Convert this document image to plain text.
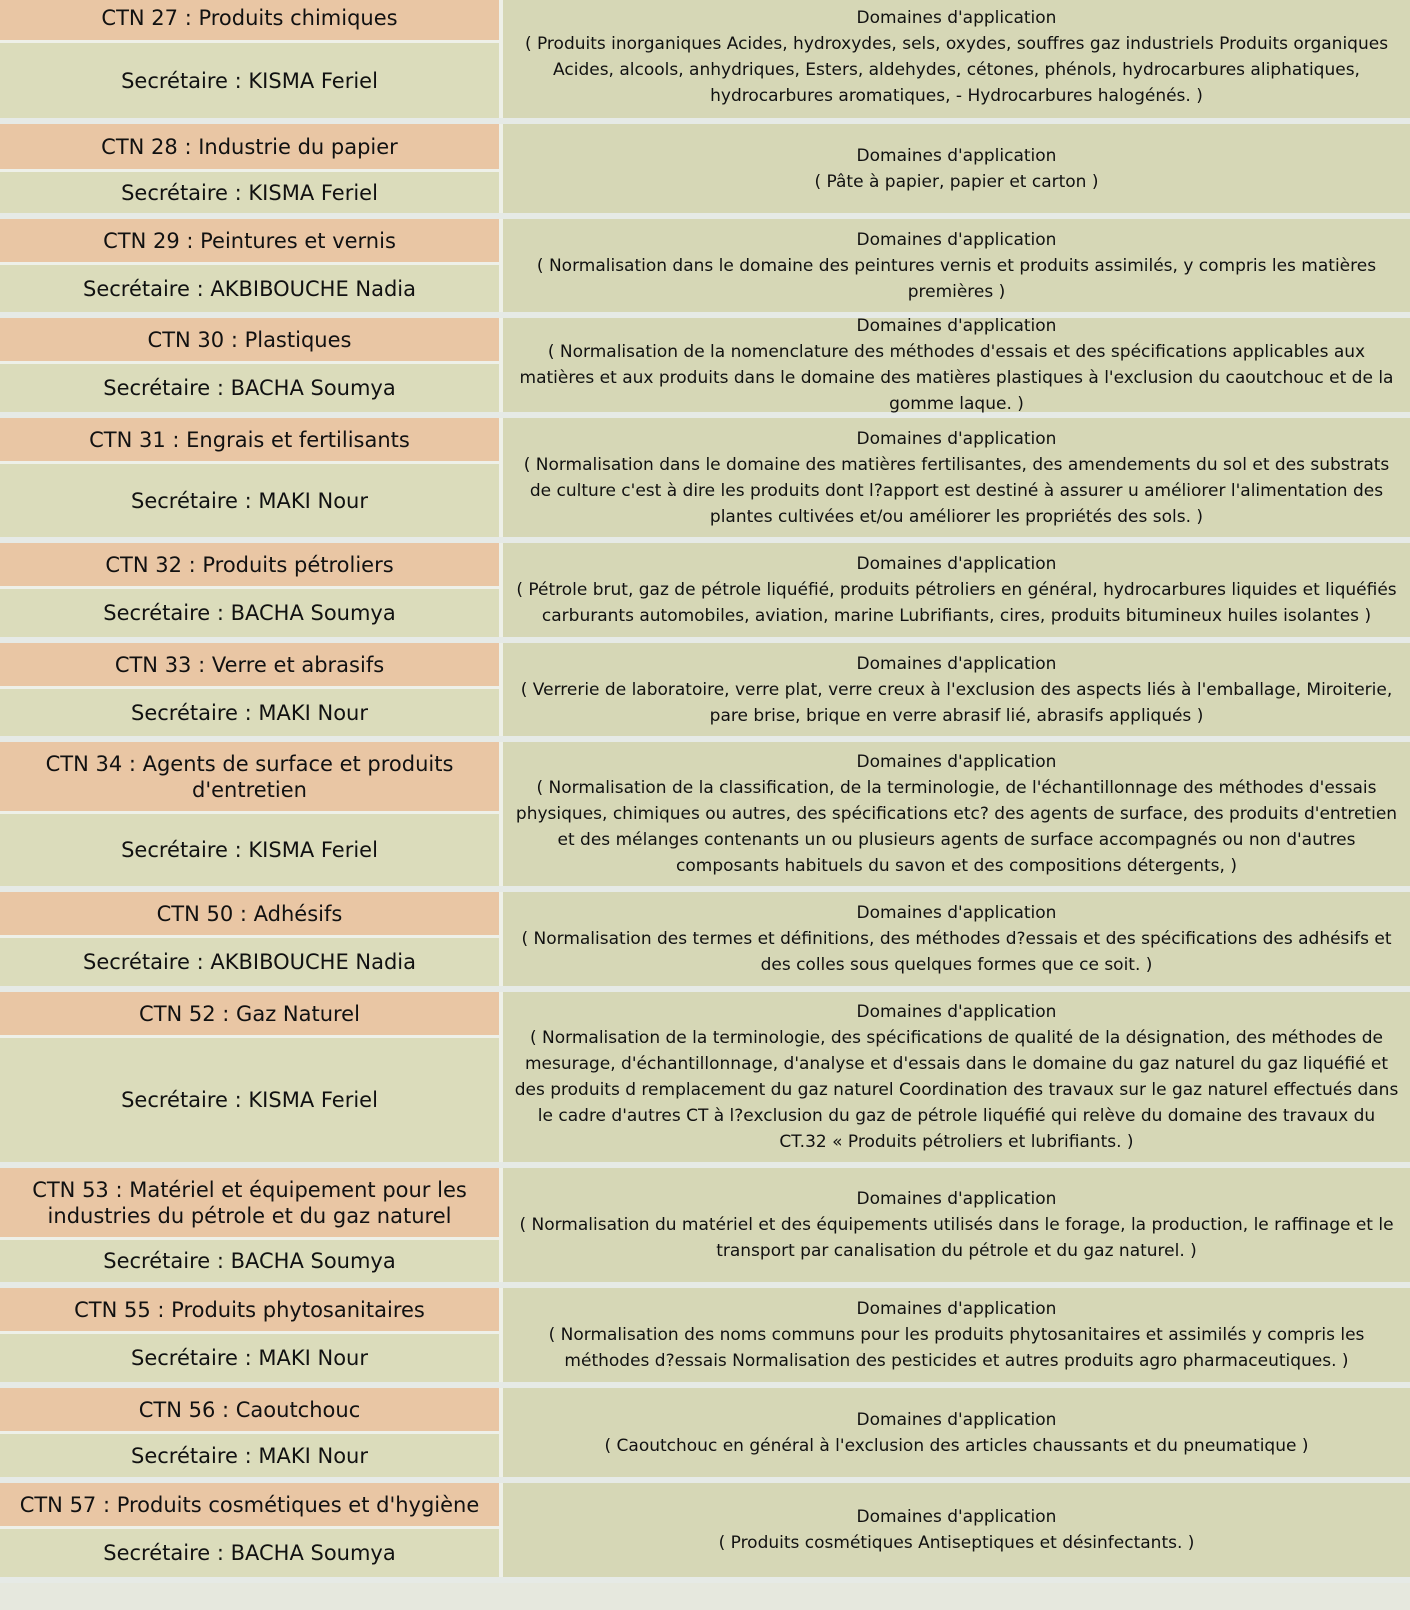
CTN 27 : Produits chimiques
Secrétaire : KISMA Feriel
Domaines d'application
( Produits inorganiques Acides, hydroxydes, sels, oxydes, souffres gaz industriels Produits organiques Acides, alcools, anhydriques, Esters, aldehydes, cétones, phénols, hydrocarbures aliphatiques, hydrocarbures aromatiques, - Hydrocarbures halogénés. )
CTN 28 : Industrie du papier
Secrétaire : KISMA Feriel
Domaines d'application
( Pâte à papier, papier et carton )
CTN 29 : Peintures et vernis
Secrétaire : AKBIBOUCHE Nadia
Domaines d'application
( Normalisation dans le domaine des peintures vernis et produits assimilés, y compris les matières premières )
CTN 30 : Plastiques
Secrétaire : BACHA Soumya
Domaines d'application
( Normalisation de la nomenclature des méthodes d'essais et des spécifications applicables aux matières et aux produits dans le domaine des matières plastiques à l'exclusion du caoutchouc et de la gomme laque. )
CTN 31 : Engrais et fertilisants
Secrétaire : MAKI Nour
Domaines d'application
( Normalisation dans le domaine des matières fertilisantes, des amendements du sol et des substrats de culture c'est à dire les produits dont l?apport est destiné à assurer u améliorer l'alimentation des plantes cultivées et/ou améliorer les propriétés des sols. )
CTN 32 : Produits pétroliers
Secrétaire : BACHA Soumya
Domaines d'application
( Pétrole brut, gaz de pétrole liquéfié, produits pétroliers en général, hydrocarbures liquides et liquéfiés carburants automobiles, aviation, marine Lubrifiants, cires, produits bitumineux huiles isolantes )
CTN 33 : Verre et abrasifs
Secrétaire : MAKI Nour
Domaines d'application
( Verrerie de laboratoire, verre plat, verre creux à l'exclusion des aspects liés à l'emballage, Miroiterie, pare brise, brique en verre abrasif lié, abrasifs appliqués )
CTN 34 : Agents de surface et produits d'entretien
Secrétaire : KISMA Feriel
Domaines d'application
( Normalisation de la classification, de la terminologie, de l'échantillonnage des méthodes d'essais physiques, chimiques ou autres, des spécifications etc? des agents de surface, des produits d'entretien et des mélanges contenants un ou plusieurs agents de surface accompagnés ou non d'autres composants habituels du savon et des compositions détergents, )
CTN 50 : Adhésifs
Secrétaire : AKBIBOUCHE Nadia
Domaines d'application
( Normalisation des termes et définitions, des méthodes d?essais et des spécifications des adhésifs et des colles sous quelques formes que ce soit. )
CTN 52 : Gaz Naturel
Secrétaire : KISMA Feriel
Domaines d'application
( Normalisation de la terminologie, des spécifications de qualité de la désignation, des méthodes de mesurage, d'échantillonnage, d'analyse et d'essais dans le domaine du gaz naturel du gaz liquéfié et des produits d remplacement du gaz naturel Coordination des travaux sur le gaz naturel effectués dans le cadre d'autres CT à l?exclusion du gaz de pétrole liquéfié qui relève du domaine des travaux du CT.32 « Produits pétroliers et lubrifiants. )
CTN 53 : Matériel et équipement pour les industries du pétrole et du gaz naturel
Secrétaire : BACHA Soumya
Domaines d'application
( Normalisation du matériel et des équipements utilisés dans le forage, la production, le raffinage et le transport par canalisation du pétrole et du gaz naturel. )
CTN 55 : Produits phytosanitaires
Secrétaire : MAKI Nour
Domaines d'application
( Normalisation des noms communs pour les produits phytosanitaires et assimilés y compris les méthodes d?essais Normalisation des pesticides et autres produits agro pharmaceutiques. )
CTN 56 : Caoutchouc
Secrétaire : MAKI Nour
Domaines d'application
( Caoutchouc en général à l'exclusion des articles chaussants et du pneumatique )
CTN 57 : Produits cosmétiques et d'hygiène
Secrétaire : BACHA Soumya
Domaines d'application
( Produits cosmétiques Antiseptiques et désinfectants. )
